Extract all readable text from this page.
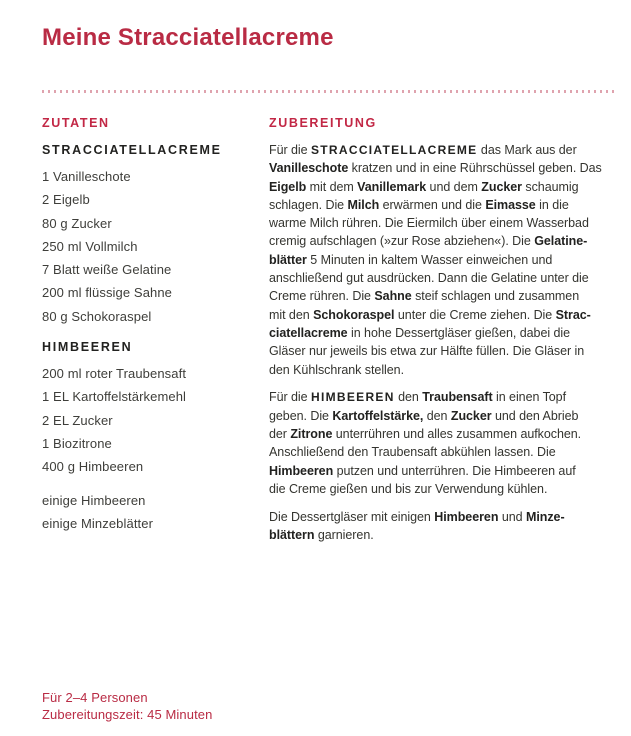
Meine Stracciatellacreme
ZUTATEN
STRACCIATELLACREME
1 Vanilleschote
2 Eigelb
80 g Zucker
250 ml Vollmilch
7 Blatt weiße Gelatine
200 ml flüssige Sahne
80 g Schokoraspel
HIMBEEREN
200 ml roter Traubensaft
1 EL Kartoffelstärkemehl
2 EL Zucker
1 Biozitrone
400 g Himbeeren
einige Himbeeren
einige Minzeblätter
ZUBEREITUNG
Für die STRACCIATELLACREME das Mark aus der
Vanilleschote kratzen und in eine Rührschüssel geben. Das
Eigelb mit dem Vanillemark und dem Zucker schaumig
schlagen. Die Milch erwärmen und die Eimasse in die
warme Milch rühren. Die Eiermilch über einem Wasserbad
cremig aufschlagen (»zur Rose abziehen«). Die Gelatine-
blätter 5 Minuten in kaltem Wasser einweichen und
anschließend gut ausdrücken. Dann die Gelatine unter die
Creme rühren. Die Sahne steif schlagen und zusammen
mit den Schokoraspel unter die Creme ziehen. Die Strac-
ciatellacreme in hohe Dessertgläser gießen, dabei die
Gläser nur jeweils bis etwa zur Hälfte füllen. Die Gläser in
den Kühlschrank stellen.
Für die HIMBEEREN den Traubensaft in einen Topf
geben. Die Kartoffelstärke, den Zucker und den Abrieb
der Zitrone unterrühren und alles zusammen aufkochen.
Anschließend den Traubensaft abkühlen lassen. Die
Himbeeren putzen und unterrühren. Die Himbeeren auf
die Creme gießen und bis zur Verwendung kühlen.
Die Dessertgläser mit einigen Himbeeren und Minze-
blättern garnieren.
Für 2–4 Personen
Zubereitungszeit: 45 Minuten
